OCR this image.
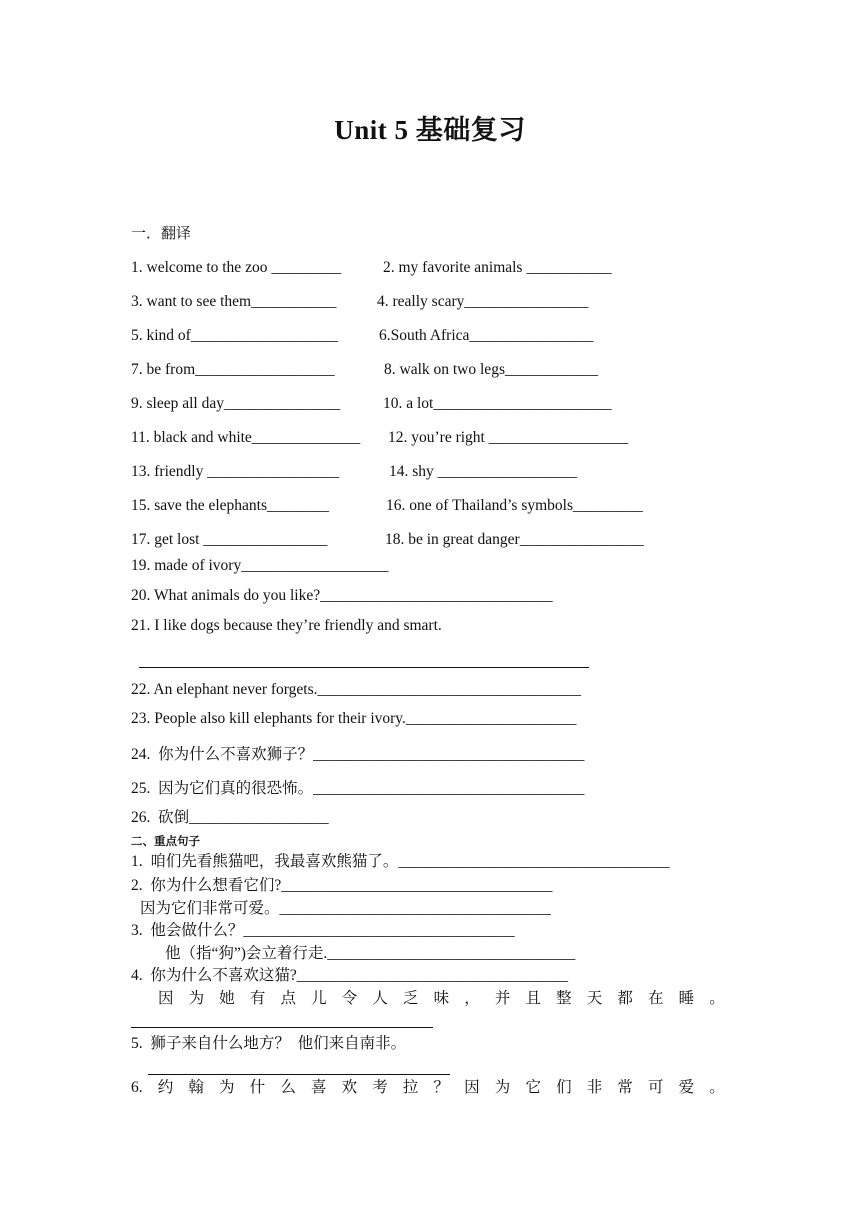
Unit 5 基础复习
一．翻译
1. welcome to the zoo _________	2. my favorite animals ___________
3. want to see them___________	4. really scary________________
5. kind of___________________	6.South Africa________________
7. be from__________________	8. walk on two legs____________
9. sleep all day_______________	10. a lot_______________________
11. black and white______________ 12. you’re right __________________
13. friendly _________________	14. shy __________________
15. save the elephants________	16. one of Thailand’s symbols_________
17. get lost ________________	18. be in great danger________________
19. made of ivory___________________
20. What animals do you like?______________________________
21. I like dogs because they’re friendly and smart.
22. An elephant never forgets.__________________________________
23. People also kill elephants for their ivory.______________________
24.  你为什么不喜欢狮子？___________________________________
25.  因为它们真的很恐怖。___________________________________
26.  砍倒__________________
二、重点句子
1.  咱们先看熊猫吧，我最喜欢熊猫了。___________________________________
2.  你为什么想看它们?___________________________________
因为它们非常可爱。___________________________________
3.  他会做什么？___________________________________
他（指“狗”)会立着行走.________________________________
4.  你为什么不喜欢这猫?___________________________________
因 为 她 有 点 儿 令 人 乏 味 ， 并 且 整 天 都 在 睡 。
5.  狮子来自什么地方？  他们来自南非。
6. 约 翰 为 什 么 喜 欢 考 拉 ？ 因 为 它 们 非 常 可 爱 。
